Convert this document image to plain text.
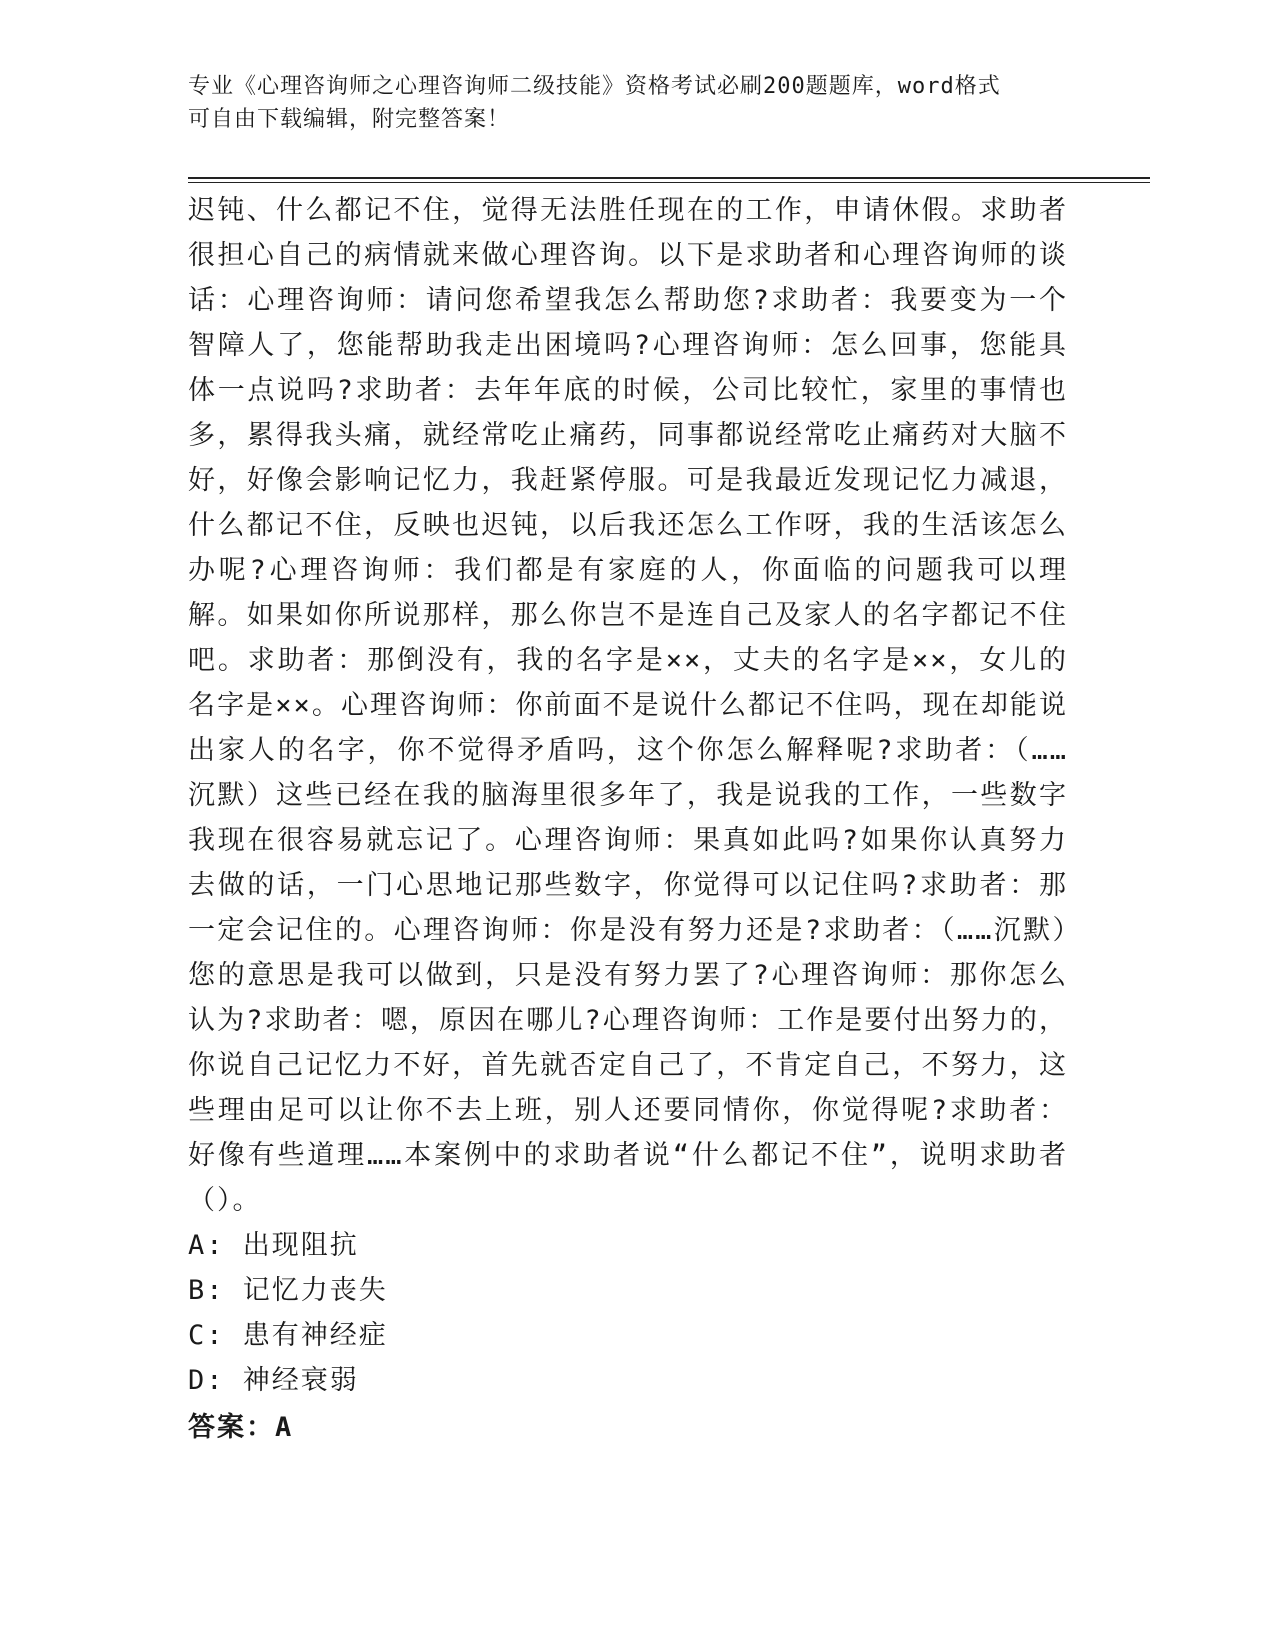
专业《心理咨询师之心理咨询师二级技能》资格考试必刷200题题库，word格式
可自由下载编辑，附完整答案！

迟钝、什么都记不住，觉得无法胜任现在的工作，申请休假。求助者很担心自己的病情就来做心理咨询。以下是求助者和心理咨询师的谈话：心理咨询师：请问您希望我怎么帮助您?求助者：我要变为一个智障人了，您能帮助我走出困境吗?心理咨询师：怎么回事，您能具体一点说吗?求助者：去年年底的时候，公司比较忙，家里的事情也多，累得我头痛，就经常吃止痛药，同事都说经常吃止痛药对大脑不好，好像会影响记忆力，我赶紧停服。可是我最近发现记忆力减退，什么都记不住，反映也迟钝，以后我还怎么工作呀，我的生活该怎么办呢?心理咨询师：我们都是有家庭的人，你面临的问题我可以理解。如果如你所说那样，那么你岂不是连自己及家人的名字都记不住吧。求助者：那倒没有，我的名字是××，丈夫的名字是××，女儿的名字是××。心理咨询师：你前面不是说什么都记不住吗，现在却能说出家人的名字，你不觉得矛盾吗，这个你怎么解释呢?求助者：（……沉默）这些已经在我的脑海里很多年了，我是说我的工作，一些数字我现在很容易就忘记了。心理咨询师：果真如此吗?如果你认真努力去做的话，一门心思地记那些数字，你觉得可以记住吗?求助者：那一定会记住的。心理咨询师：你是没有努力还是?求助者：（……沉默）您的意思是我可以做到，只是没有努力罢了?心理咨询师：那你怎么认为?求助者：嗯，原因在哪儿?心理咨询师：工作是要付出努力的，你说自己记忆力不好，首先就否定自己了，不肯定自己，不努力，这些理由足可以让你不去上班，别人还要同情你，你觉得呢?求助者：好像有些道理……本案例中的求助者说“什么都记不住”，说明求助者（）。

A: 出现阻抗
B: 记忆力丧失
C: 患有神经症
D: 神经衰弱
答案：A
